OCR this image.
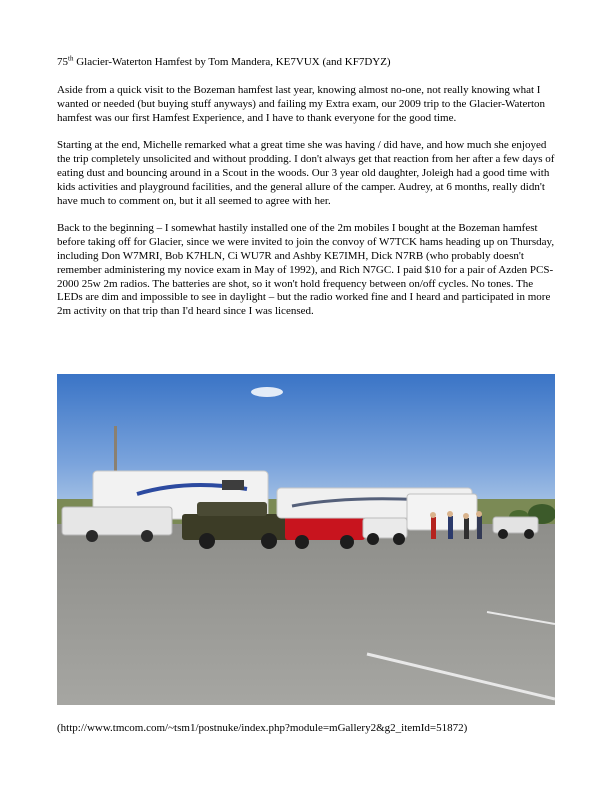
75th Glacier-Waterton Hamfest by Tom Mandera, KE7VUX (and KF7DYZ)

Aside from a quick visit to the Bozeman hamfest last year, knowing almost no-one, not really knowing what I wanted or needed (but buying stuff anyways) and failing my Extra exam, our 2009 trip to the Glacier-Waterton hamfest was our first Hamfest Experience, and I have to thank everyone for the good time.

Starting at the end, Michelle remarked what a great time she was having / did have, and how much she enjoyed the trip completely unsolicited and without prodding. I don't always get that reaction from her after a few days of eating dust and bouncing around in a Scout in the woods. Our 3 year old daughter, Joleigh had a good time with kids activities and playground facilities, and the general allure of the camper. Audrey, at 6 months, really didn't have much to comment on, but it all seemed to agree with her.

Back to the beginning – I somewhat hastily installed one of the 2m mobiles I bought at the Bozeman hamfest before taking off for Glacier, since we were invited to join the convoy of W7TCK hams heading up on Thursday, including Don W7MRI, Bob K7HLN, Ci WU7R and Ashby KE7IMH, Dick N7RB (who probably doesn't remember administering my novice exam in May of 1992), and Rich N7GC. I paid $10 for a pair of Azden PCS-2000 25w 2m radios. The batteries are shot, so it won't hold frequency between on/off cycles. No tones. The LEDs are dim and impossible to see in daylight – but the radio worked fine and I heard and participated in more 2m activity on that trip than I'd heard since I was licensed.

(http://www.tmcom.com/~tsm1/postnuke/index.php?module=mGallery2&g2_itemId=51872)
